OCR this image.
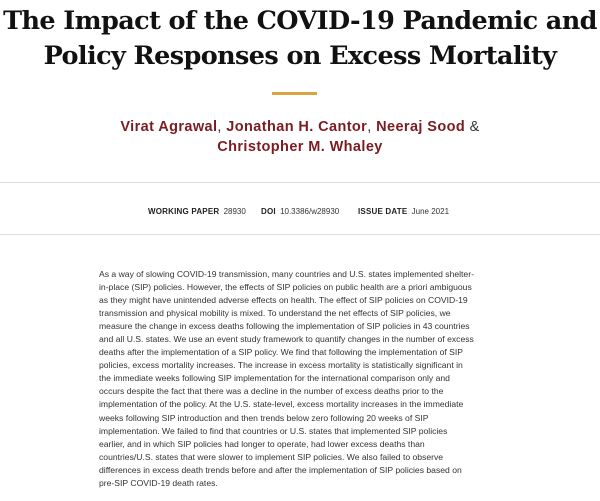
The Impact of the COVID-19 Pandemic and
Policy Responses on Excess Mortality
Virat Agrawal, Jonathan H. Cantor, Neeraj Sood &
Christopher M. Whaley
WORKING PAPER 28930 DOI 10.3386/w28930 ISSUE DATE June 2021
As a way of slowing COVID-19 transmission, many countries and U.S. states implemented shelter-
in-place (SIP) policies. However, the effects of SIP policies on public health are a priori ambiguous
as they might have unintended adverse effects on health. The effect of SIP policies on COVID-19
transmission and physical mobility is mixed. To understand the net effects of SIP policies, we
measure the change in excess deaths following the implementation of SIP policies in 43 countries
and all U.S. states. We use an event study framework to quantify changes in the number of excess
deaths after the implementation of a SIP policy. We find that following the implementation of SIP
policies, excess mortality increases. The increase in excess mortality is statistically significant in
the immediate weeks following SIP implementation for the international comparison only and
occurs despite the fact that there was a decline in the number of excess deaths prior to the
implementation of the policy. At the U.S. state-level, excess mortality increases in the immediate
weeks following SIP introduction and then trends below zero following 20 weeks of SIP
implementation. We failed to find that countries or U.S. states that implemented SIP policies
earlier, and in which SIP policies had longer to operate, had lower excess deaths than
countries/U.S. states that were slower to implement SIP policies. We also failed to observe
differences in excess death trends before and after the implementation of SIP policies based on
pre-SIP COVID-19 death rates.
